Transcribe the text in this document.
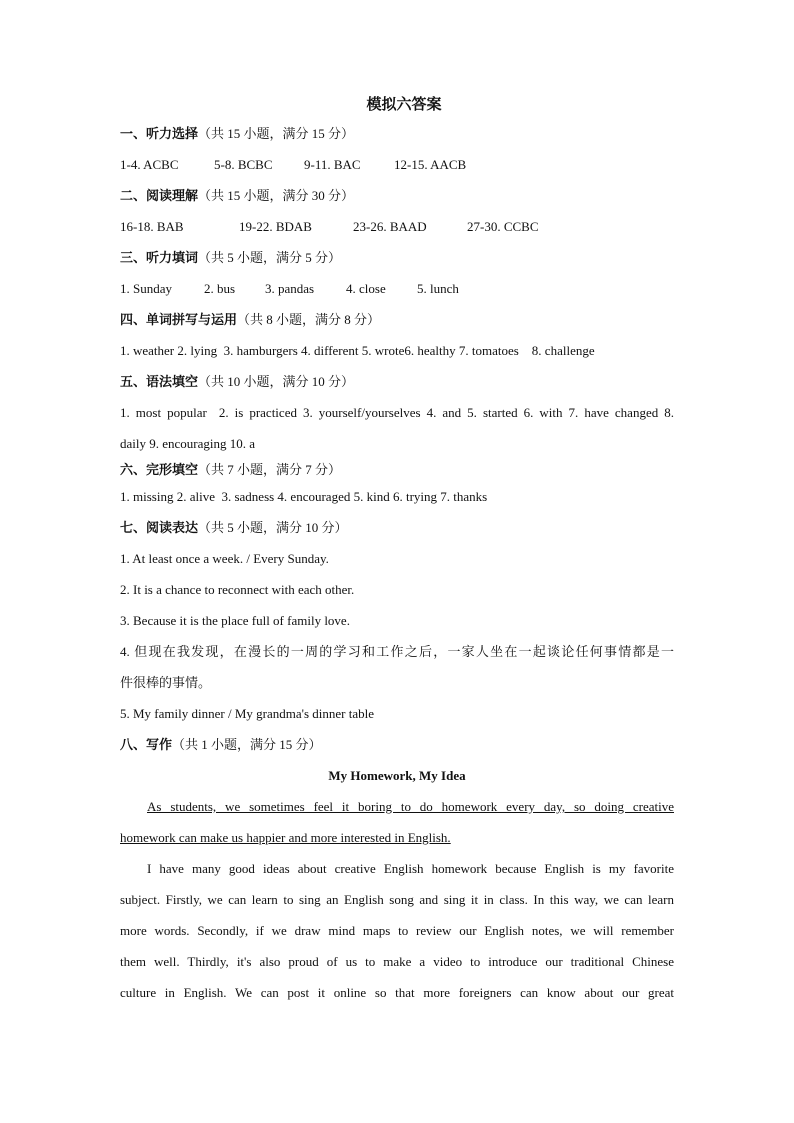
模拟六答案

一、听力选择（共 15 小题，满分 15 分）

1-4. ACBC	5-8. BCBC 9-11. BAC	12-15. AACB

二、阅读理解（共 15 小题，满分 30 分）

16-18. BAB	19-22. BDAB	23-26. BAAD	27-30. CCBC

三、听力填词（共 5 小题，满分 5 分）

1. Sunday 2. bus 3. pandas 4. close 5. lunch

四、单词拼写与运用（共 8 小题，满分 8 分）

1. weather 2. lying  3. hamburgers 4. different 5. wrote6. healthy 7. tomatoes    8. challenge

五、语法填空（共 10 小题，满分 10 分）

1. most popular  2. is practiced 3. yourself/yourselves 4. and 5. started 6. with 7. have changed 8.

daily 9. encouraging 10. a

六、完形填空（共 7 小题，满分 7 分）

1. missing 2. alive  3. sadness 4. encouraged 5. kind 6. trying 7. thanks

七、阅读表达（共 5 小题，满分 10 分）

1. At least once a week. / Every Sunday.

2. It is a chance to reconnect with each other.

3. Because it is the place full of family love.

4. 但现在我发现，在漫长的一周的学习和工作之后，一家人坐在一起谈论任何事情都是一

件很棒的事情。

5. My family dinner / My grandma's dinner table

八、写作（共 1 小题，满分 15 分）

My Homework, My Idea

As students, we sometimes feel it boring to do homework every day, so doing creative

homework can make us happier and more interested in English.

I have many good ideas about creative English homework because English is my favorite

subject. Firstly, we can learn to sing an English song and sing it in class. In this way, we can learn

more words. Secondly, if we draw mind maps to review our English notes, we will remember

them well. Thirdly, it's also proud of us to make a video to introduce our traditional Chinese

culture in English. We can post it online so that more foreigners can know about our great
